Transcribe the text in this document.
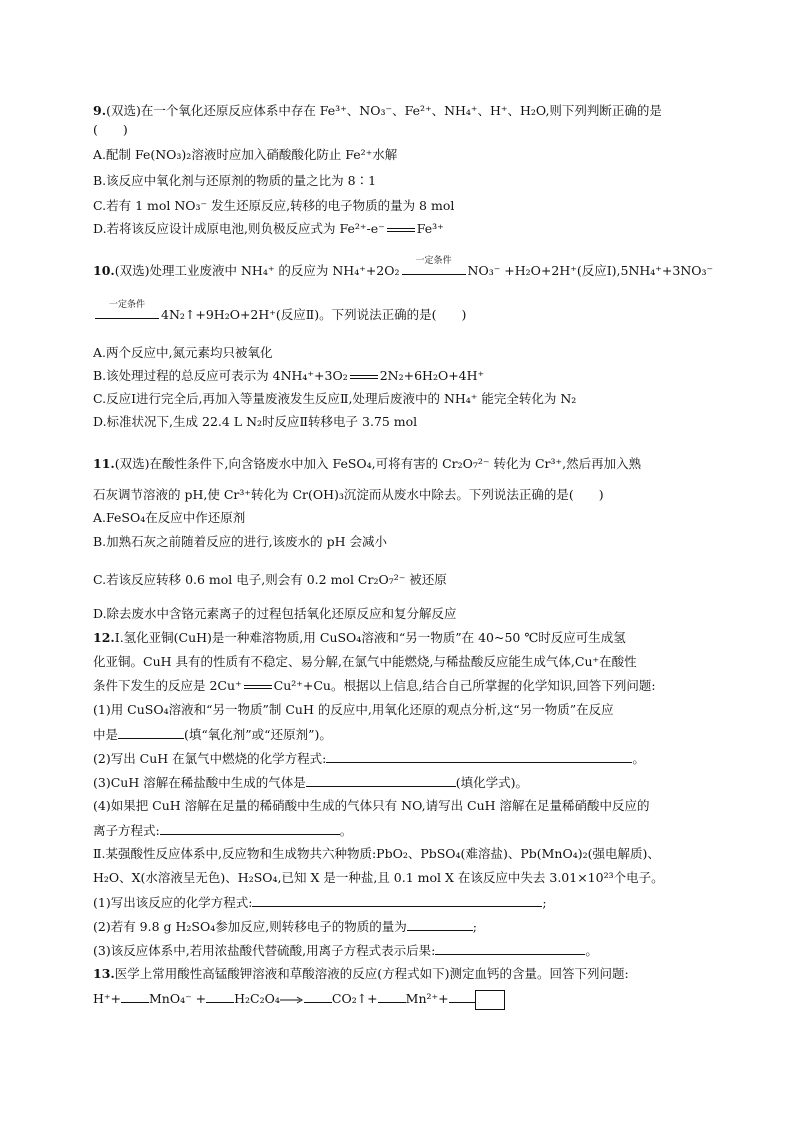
9.(双选)在一个氧化还原反应体系中存在 Fe³⁺、NO₃⁻、Fe²⁺、NH₄⁺、H⁺、H₂O,则下列判断正确的是
(　　)
A.配制 Fe(NO₃)₂溶液时应加入硝酸酸化防止 Fe²⁺水解
B.该反应中氧化剂与还原剂的物质的量之比为 8∶1
C.若有 1 mol NO₃⁻ 发生还原反应,转移的电子物质的量为 8 mol
D.若将该反应设计成原电池,则负极反应式为 Fe²⁺-e⁻	Fe³⁺
10.(双选)处理工业废液中 NH₄⁺ 的反应为 NH₄⁺+2O₂
一定条件
NO₃⁻ +H₂O+2H⁺(反应Ⅰ),5NH₄⁺+3NO₃⁻
一定条件
4N₂↑+9H₂O+2H⁺(反应Ⅱ)。下列说法正确的是(　　)
A.两个反应中,氮元素均只被氧化
B.该处理过程的总反应可表示为 4NH₄⁺+3O₂	2N₂+6H₂O+4H⁺
C.反应Ⅰ进行完全后,再加入等量废液发生反应Ⅱ,处理后废液中的 NH₄⁺ 能完全转化为 N₂
D.标准状况下,生成 22.4 L N₂时反应Ⅱ转移电子 3.75 mol
11.(双选)在酸性条件下,向含铬废水中加入 FeSO₄,可将有害的 Cr₂O₇²⁻ 转化为 Cr³⁺,然后再加入熟
石灰调节溶液的 pH,使 Cr³⁺转化为 Cr(OH)₃沉淀而从废水中除去。下列说法正确的是(　　)
A.FeSO₄在反应中作还原剂
B.加熟石灰之前随着反应的进行,该废水的 pH 会减小
C.若该反应转移 0.6 mol 电子,则会有 0.2 mol Cr₂O₇²⁻ 被还原
D.除去废水中含铬元素离子的过程包括氧化还原反应和复分解反应
12.Ⅰ.氢化亚铜(CuH)是一种难溶物质,用 CuSO₄溶液和“另一物质”在 40~50 ℃时反应可生成氢
化亚铜。CuH 具有的性质有不稳定、易分解,在氯气中能燃烧,与稀盐酸反应能生成气体,Cu⁺在酸性
条件下发生的反应是 2Cu⁺	Cu²⁺+Cu。根据以上信息,结合自己所掌握的化学知识,回答下列问题:
(1)用 CuSO₄溶液和“另一物质”制 CuH 的反应中,用氧化还原的观点分析,这“另一物质”在反应
中是	(填“氧化剂”或“还原剂”)。
(2)写出 CuH 在氯气中燃烧的化学方程式:	。
(3)CuH 溶解在稀盐酸中生成的气体是	(填化学式)。
(4)如果把 CuH 溶解在足量的稀硝酸中生成的气体只有 NO,请写出 CuH 溶解在足量稀硝酸中反应的
离子方程式:	。
Ⅱ.某强酸性反应体系中,反应物和生成物共六种物质:PbO₂、PbSO₄(难溶盐)、Pb(MnO₄)₂(强电解质)、
H₂O、X(水溶液呈无色)、H₂SO₄,已知 X 是一种盐,且 0.1 mol X 在该反应中失去 3.01×10²³个电子。
(1)写出该反应的化学方程式:	;
(2)若有 9.8 g H₂SO₄参加反应,则转移电子的物质的量为	;
(3)该反应体系中,若用浓盐酸代替硫酸,用离子方程式表示后果:	。
13.医学上常用酸性高锰酸钾溶液和草酸溶液的反应(方程式如下)测定血钙的含量。回答下列问题:
H⁺+ MnO₄⁻ + H₂C₂O₄	CO₂↑+ Mn²⁺+
